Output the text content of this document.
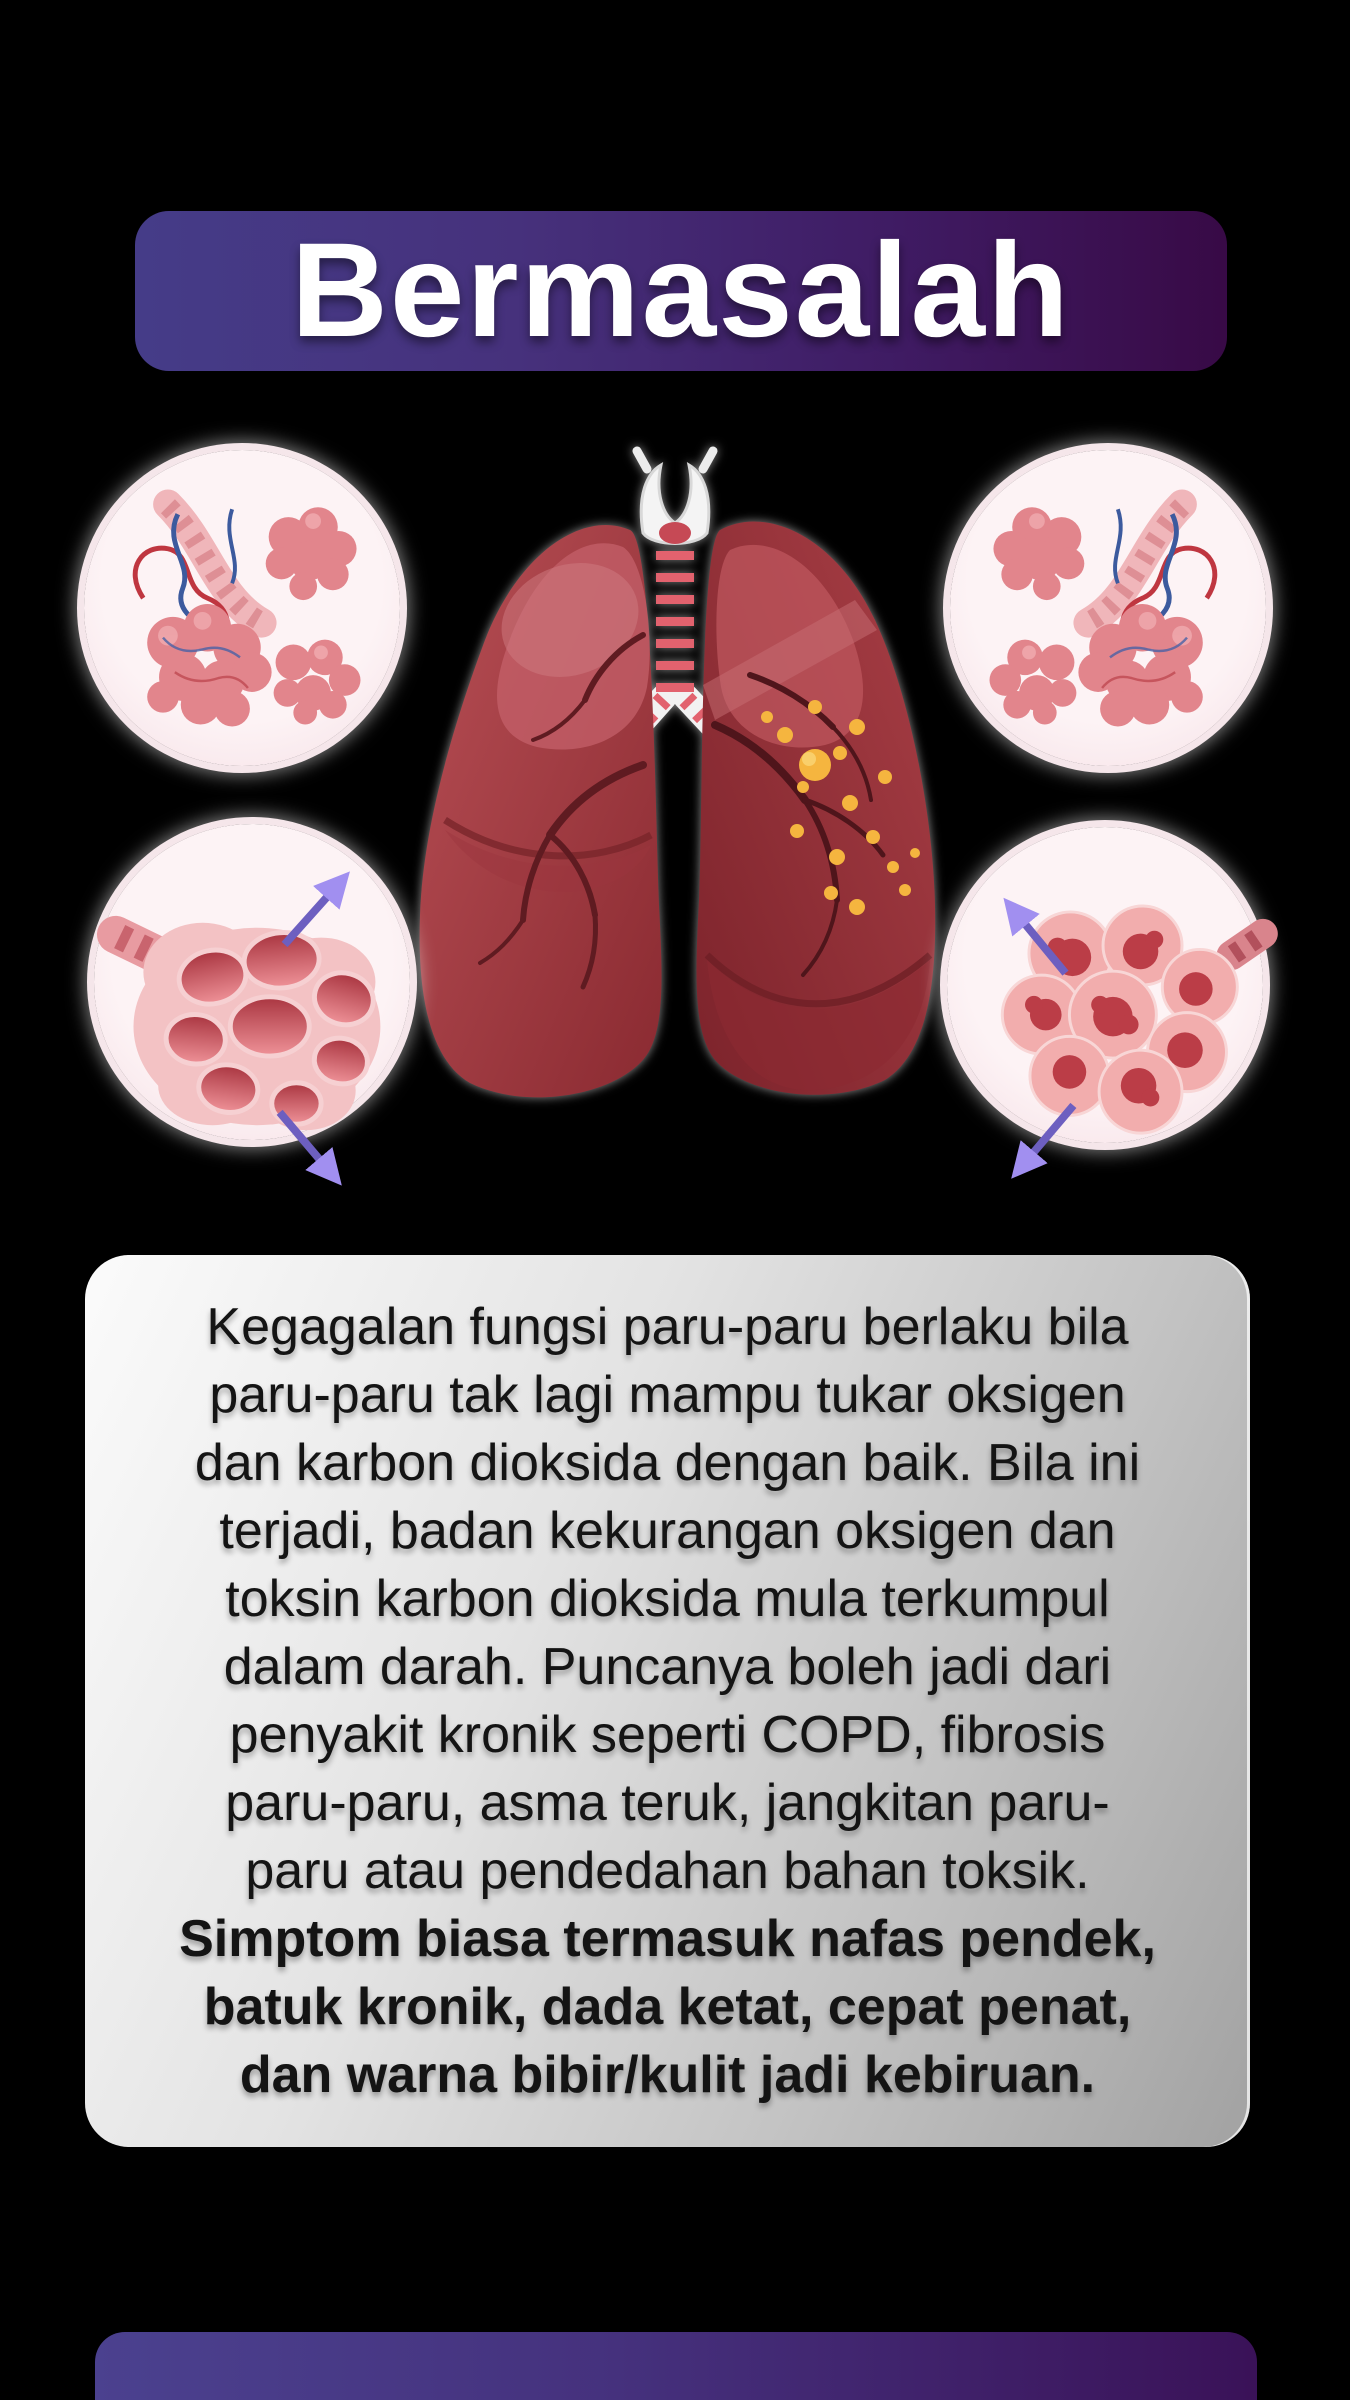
Bermasalah
Kegagalan fungsi paru-paru berlaku bila
paru-paru tak lagi mampu tukar oksigen
dan karbon dioksida dengan baik. Bila ini
terjadi, badan kekurangan oksigen dan
toksin karbon dioksida mula terkumpul
dalam darah. Puncanya boleh jadi dari
penyakit kronik seperti COPD, fibrosis
paru-paru, asma teruk, jangkitan paru-
paru atau pendedahan bahan toksik.
Simptom biasa termasuk nafas pendek,
batuk kronik, dada ketat, cepat penat,
dan warna bibir/kulit jadi kebiruan.
